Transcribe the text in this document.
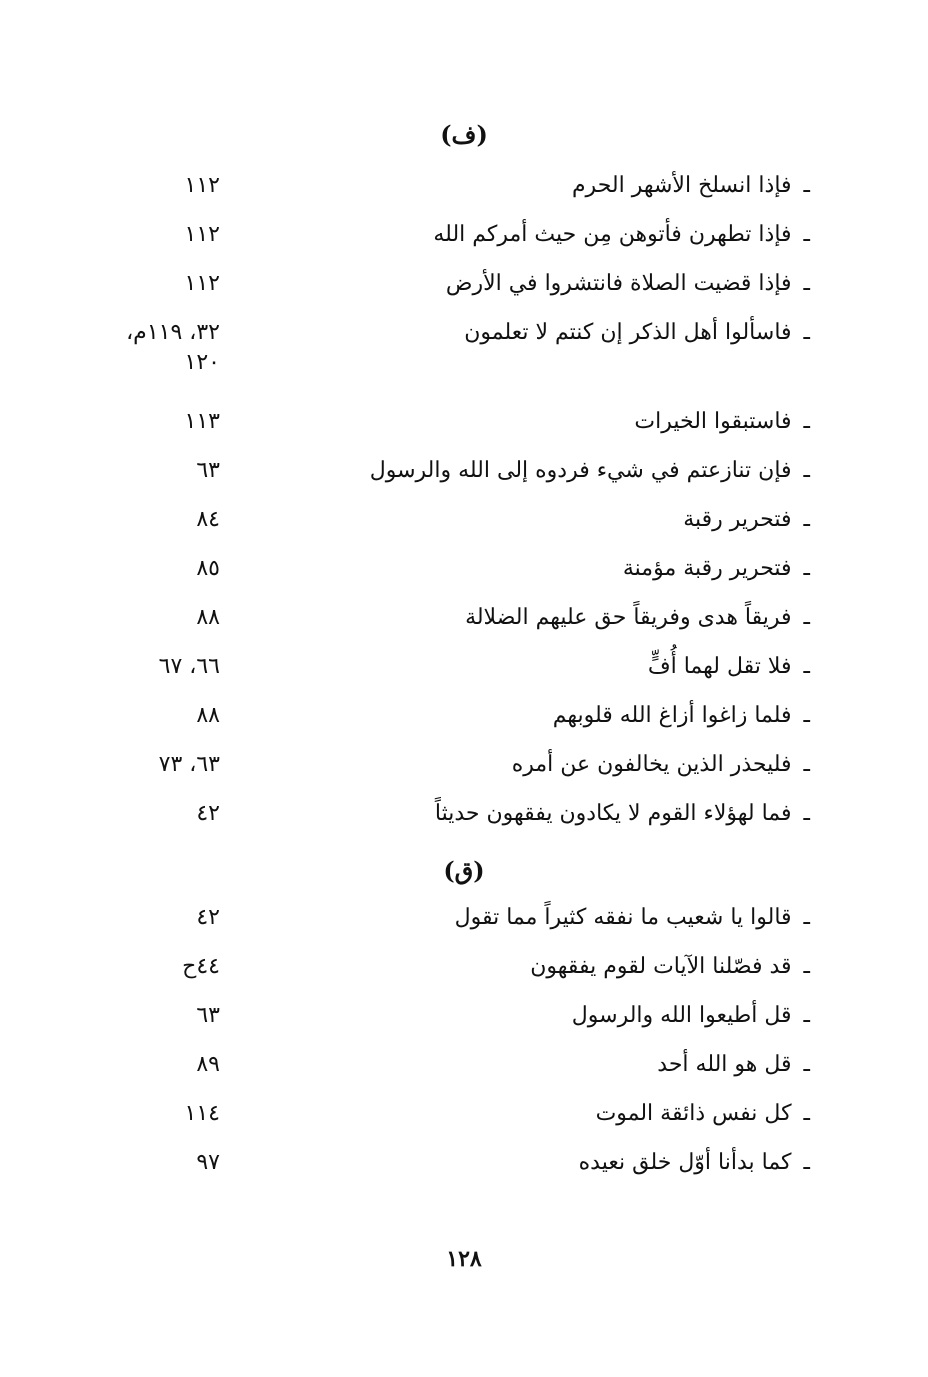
(ف)
ـفإذا انسلخ الأشهر الحرم
١١٢
ـفإذا تطهرن فأتوهن مِن حيث أمركم الله
١١٢
ـفإذا قضيت الصلاة فانتشروا في الأرض
١١٢
ـفاسألوا أهل الذكر إن كنتم لا تعلمون
٣٢، ١١٩م،
١٢٠
ـفاستبقوا الخيرات
١١٣
ـفإن تنازعتم في شيء فردوه إلى الله والرسول
٦٣
ـفتحرير رقبة
٨٤
ـفتحرير رقبة مؤمنة
٨٥
ـفريقاً هدى وفريقاً حق عليهم الضلالة
٨٨
ـفلا تقل لهما أُفٍّ
٦٦، ٦٧
ـفلما زاغوا أزاغ الله قلوبهم
٨٨
ـفليحذر الذين يخالفون عن أمره
٦٣، ٧٣
ـفما لهؤلاء القوم لا يكادون يفقهون حديثاً
٤٢
(ق)
ـقالوا يا شعيب ما نفقه كثيراً مما تقول
٤٢
ـقد فصّلنا الآيات لقوم يفقهون
٤٤ح
ـقل أطيعوا الله والرسول
٦٣
ـقل هو الله أحد
٨٩
ـكل نفس ذائقة الموت
١١٤
ـكما بدأنا أوّل خلق نعيده
٩٧
١٢٨
